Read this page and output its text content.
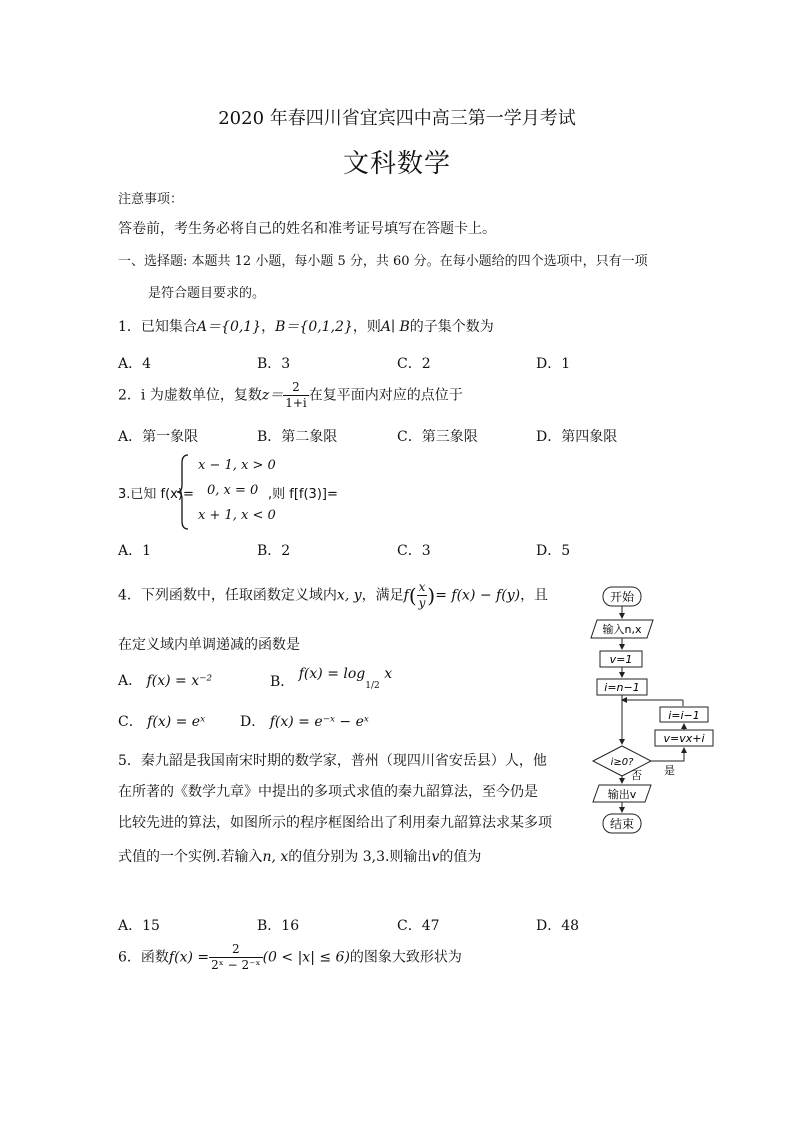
2020 年春四川省宜宾四中高三第一学月考试
文科数学
注意事项：
答卷前，考生务必将自己的姓名和准考证号填写在答题卡上。
一、选择题: 本题共 12 小题，每小题 5 分，共 60 分。在每小题给的四个选项中，只有一项
是符合题目要求的。
1．已知集合A＝{0,1}，B＝{0,1,2}，则A∣ B的子集个数为
A．4	B．3	C．2	D．1
2．i 为虚数单位，复数$z= \frac{2}{1+i}$ 在复平面内对应的点位于
A．第一象限	B．第二象限	C．第三象限	D．第四象限
3.已知 f(x)=
x − 1, x > 0
0, x = 0
x + 1, x < 0
,则 f[f(3)]=
A．1	B．2	C．3	D．5
4．下列函数中，任取函数定义域内x, y，满足$f( \frac{x}{y}$ )= f(x) − f(y)，且
在定义域内单调递减的函数是
A． f(x) = x⁻²	B． $f(x) = \log_{1/2} x$
C． f(x) = eˣ D． f(x) = e⁻ˣ − eˣ
5．秦九韶是我国南宋时期的数学家，普州（现四川省安岳县）人，他
在所著的《数学九章》中提出的多项式求值的秦九韶算法，至今仍是
比较先进的算法，如图所示的程序框图给出了利用秦九韶算法求某多项
式值的一个实例.若输入n, x的值分别为 3,3.则输出v的值为
A．15	B．16	C．47	D．48
6．函数$f(x) = \frac{2}{\text{2ˣ − 2⁻ˣ}} (0 < |x| \le 6)$的图象大致形状为
开始
输入n,x
v=1
i=n−1
i=i−1
v=vx+i
i≥0?
是
否
输出v
结束
